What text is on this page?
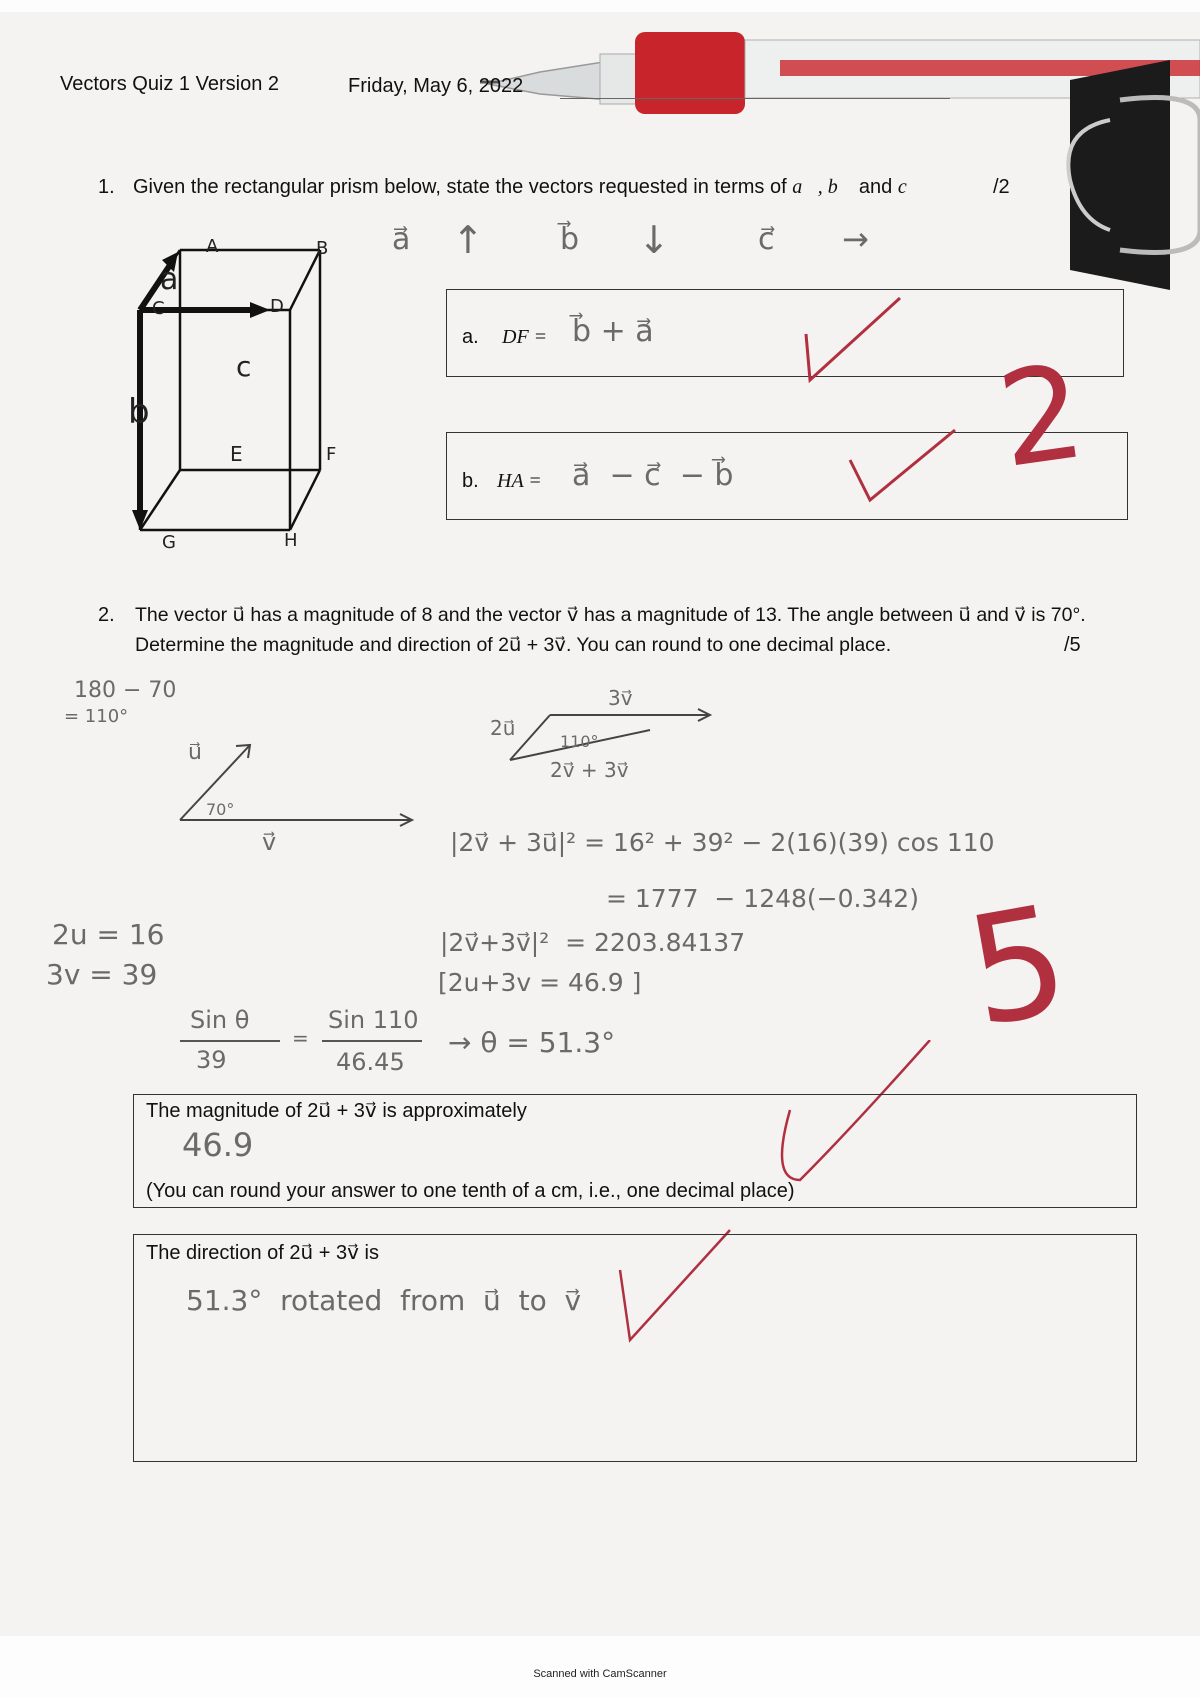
Vectors Quiz 1 Version 2	Friday, May 6, 2022
1. Given the rectangular prism below, state the vectors requested in terms of a⃗, b⃗ and c⃗	/2
a⃗ ↑	b⃗ ↓	c⃗ →
A	B
C	D
E	F
G	H
a
b
c
a. DF = b⃗ + a⃗
b. HA = a⃗  − c⃗  − b⃗ 2
2. The vector u⃗ has a magnitude of 8 and the vector v⃗ has a magnitude of 13. The angle between u⃗ and v⃗ is 70°.
Determine the magnitude and direction of 2u⃗ + 3v⃗. You can round to one decimal place.	/5
180 − 70
= 110°
u⃗
70°
v⃗
3v⃗
2u⃗
110°
2v⃗ + 3v⃗
|2v⃗ + 3u⃗|² = 16² + 39² − 2(16)(39) cos 110
= 1777  − 1248(−0.342)
|2v⃗+3v⃗|²  = 2203.84137
[2u+3v = 46.9 ]
2u = 16
3v = 39
Sin θ
39
=
Sin 110
46.45
→ θ = 51.3° 5
The magnitude of 2u⃗ + 3v⃗ is approximately
46.9
(You can round your answer to one tenth of a cm, i.e., one decimal place)
The direction of 2u⃗ + 3v⃗ is
51.3°  rotated  from  u⃗  to  v⃗
Scanned with CamScanner
